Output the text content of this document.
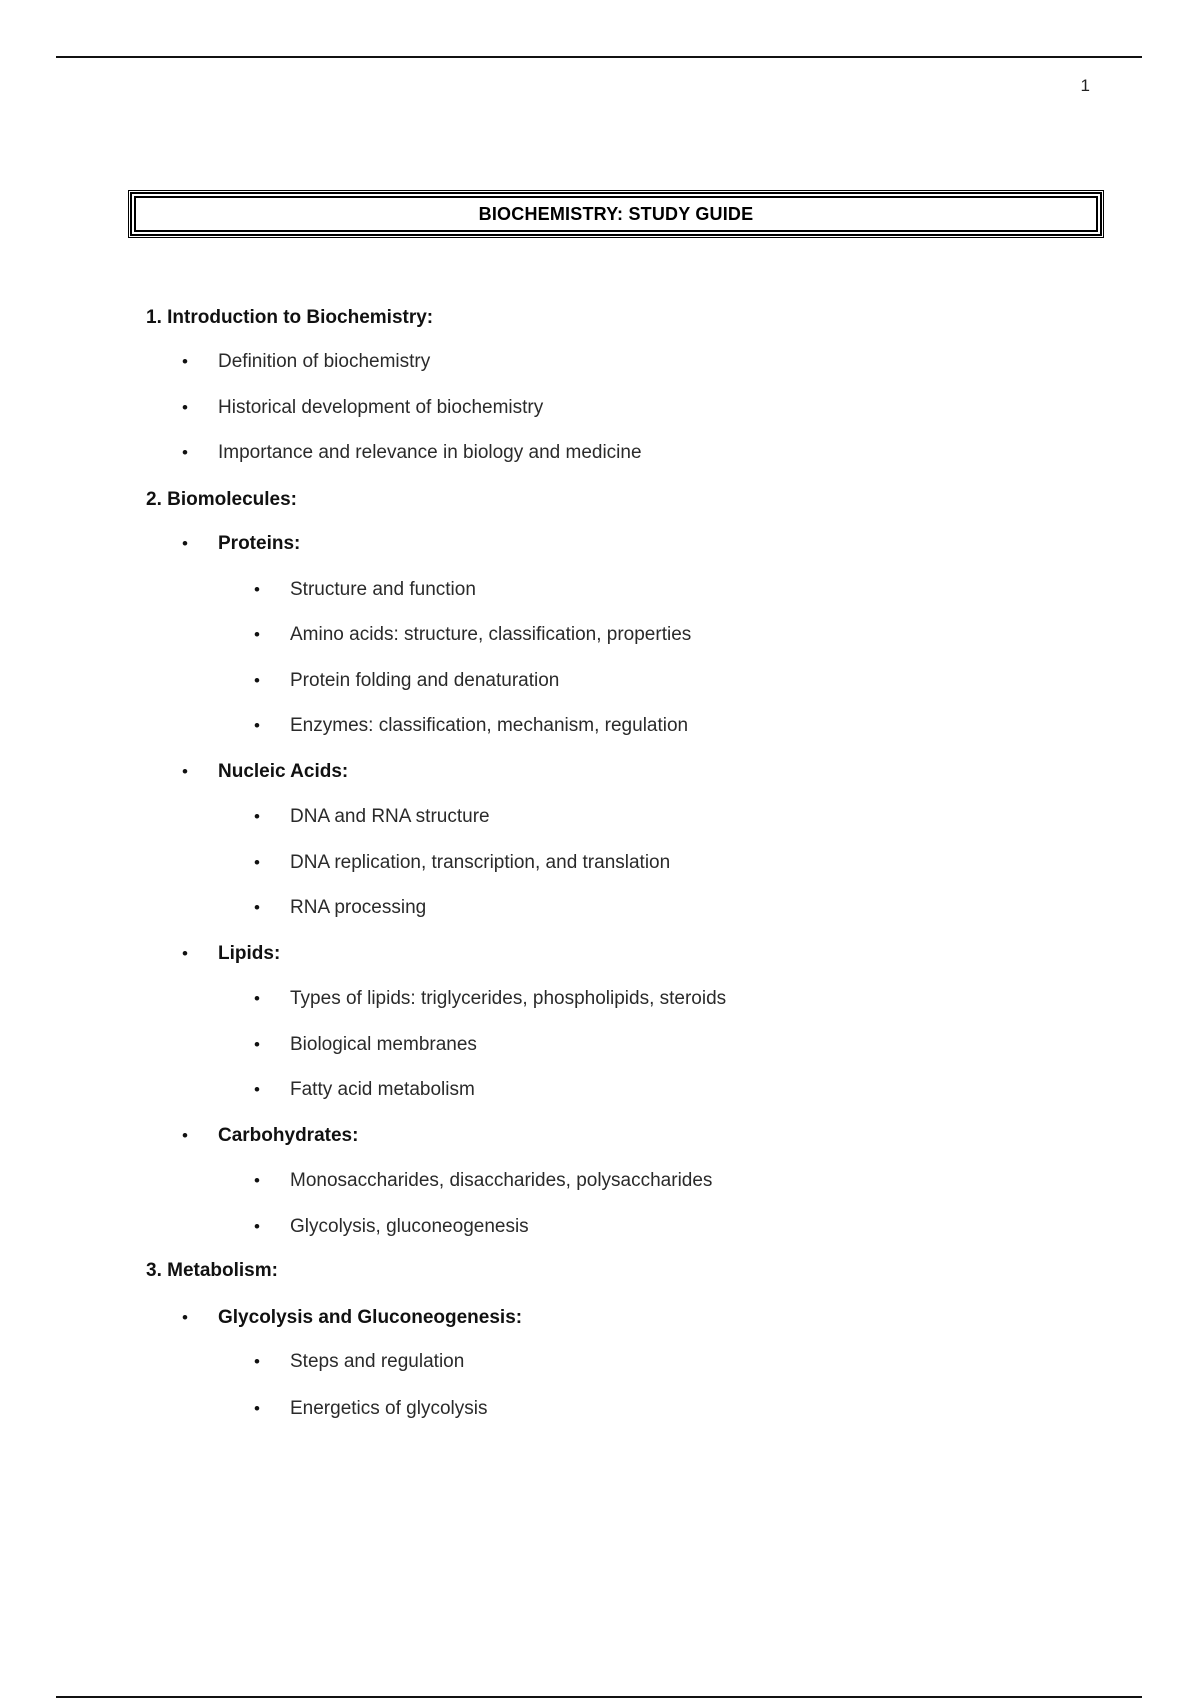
1
BIOCHEMISTRY: STUDY GUIDE
1. Introduction to Biochemistry:
• Definition of biochemistry
• Historical development of biochemistry
• Importance and relevance in biology and medicine
2. Biomolecules:
• Proteins:
• Structure and function
• Amino acids: structure, classification, properties
• Protein folding and denaturation
• Enzymes: classification, mechanism, regulation
• Nucleic Acids:
• DNA and RNA structure
• DNA replication, transcription, and translation
• RNA processing
• Lipids:
• Types of lipids: triglycerides, phospholipids, steroids
• Biological membranes
• Fatty acid metabolism
• Carbohydrates:
• Monosaccharides, disaccharides, polysaccharides
• Glycolysis, gluconeogenesis
3. Metabolism:
• Glycolysis and Gluconeogenesis:
• Steps and regulation
• Energetics of glycolysis
